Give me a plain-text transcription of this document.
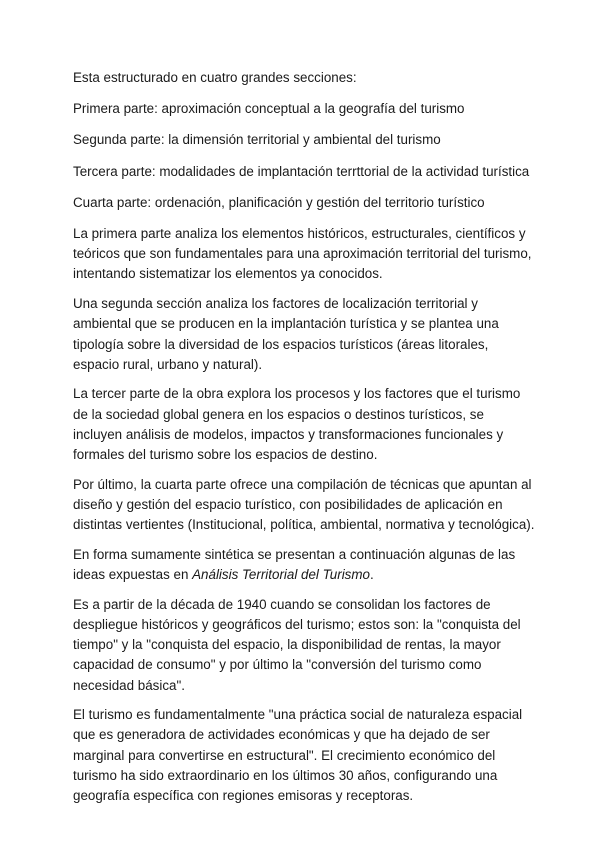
Esta estructurado en cuatro grandes secciones:

Primera parte: aproximación conceptual a la geografía del turismo

Segunda parte: la dimensión territorial y ambiental del turismo

Tercera parte: modalidades de implantación terrttorial de la actividad turística

Cuarta parte: ordenación, planificación y gestión del territorio turístico

La primera parte analiza los elementos históricos, estructurales, científicos y teóricos que son fundamentales para una aproximación territorial del turismo, intentando sistematizar los elementos ya conocidos.

Una segunda sección analiza los factores de localización territorial y ambiental que se producen en la implantación turística y se plantea una tipología sobre la diversidad de los espacios turísticos (áreas litorales, espacio rural, urbano y natural).

La tercer parte de la obra explora los procesos y los factores que el turismo de la sociedad global genera en los espacios o destinos turísticos, se incluyen análisis de modelos, impactos y transformaciones funcionales y formales del turismo sobre los espacios de destino.

Por último, la cuarta parte ofrece una compilación de técnicas que apuntan al diseño y gestión del espacio turístico, con posibilidades de aplicación en distintas vertientes (Institucional, política, ambiental, normativa y tecnológica).

En forma sumamente sintética se presentan a continuación algunas de las ideas expuestas en Análisis Territorial del Turismo.

Es a partir de la década de 1940 cuando se consolidan los factores de despliegue históricos y geográficos del turismo; estos son: la "conquista del tiempo" y la "conquista del espacio, la disponibilidad de rentas, la mayor capacidad de consumo" y por último la "conversión del turismo como necesidad básica".

El turismo es fundamentalmente "una práctica social de naturaleza espacial que es generadora de actividades económicas y que ha dejado de ser marginal para convertirse en estructural". El crecimiento económico del turismo ha sido extraordinario en los últimos 30 años, configurando una geografía específica con regiones emisoras y receptoras.
